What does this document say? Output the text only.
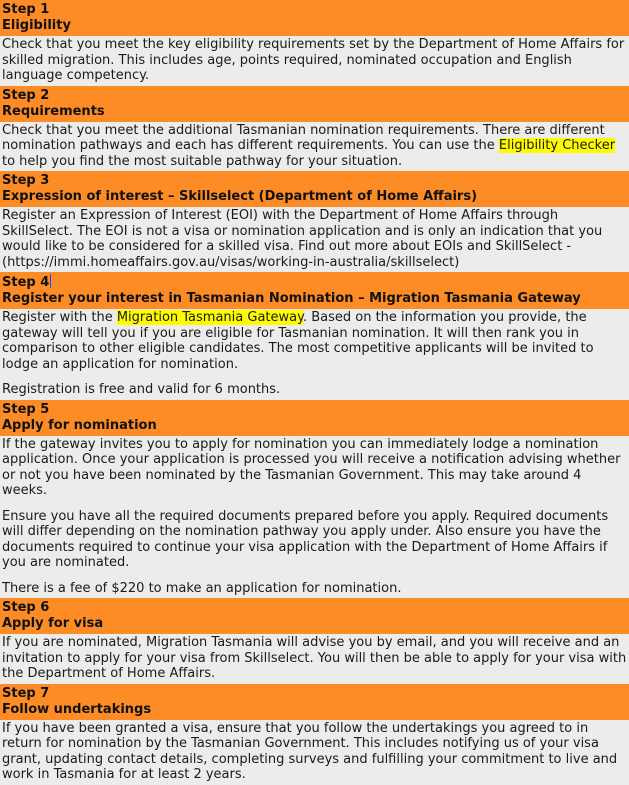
Step 1
Eligibility

Check that you meet the key eligibility requirements set by the Department of Home Affairs for skilled migration. This includes age, points required, nominated occupation and English language competency.

Step 2
Requirements

Check that you meet the additional Tasmanian nomination requirements. There are different nomination pathways and each has different requirements. You can use the Eligibility Checker to help you find the most suitable pathway for your situation.

Step 3
Expression of interest – Skillselect (Department of Home Affairs)

Register an Expression of Interest (EOI) with the Department of Home Affairs through SkillSelect. The EOI is not a visa or nomination application and is only an indication that you would like to be considered for a skilled visa. Find out more about EOIs and SkillSelect - (https://immi.homeaffairs.gov.au/visas/working-in-australia/skillselect)

Step 4
Register your interest in Tasmanian Nomination – Migration Tasmania Gateway

Register with the Migration Tasmania Gateway. Based on the information you provide, the gateway will tell you if you are eligible for Tasmanian nomination. It will then rank you in comparison to other eligible candidates. The most competitive applicants will be invited to lodge an application for nomination.

Registration is free and valid for 6 months.

Step 5
Apply for nomination

If the gateway invites you to apply for nomination you can immediately lodge a nomination application. Once your application is processed you will receive a notification advising whether or not you have been nominated by the Tasmanian Government. This may take around 4 weeks.

Ensure you have all the required documents prepared before you apply. Required documents will differ depending on the nomination pathway you apply under. Also ensure you have the documents required to continue your visa application with the Department of Home Affairs if you are nominated.

There is a fee of $220 to make an application for nomination.

Step 6
Apply for visa

If you are nominated, Migration Tasmania will advise you by email, and you will receive and an invitation to apply for your visa from Skillselect. You will then be able to apply for your visa with the Department of Home Affairs.

Step 7
Follow undertakings

If you have been granted a visa, ensure that you follow the undertakings you agreed to in return for nomination by the Tasmanian Government. This includes notifying us of your visa grant, updating contact details, completing surveys and fulfilling your commitment to live and work in Tasmania for at least 2 years.
